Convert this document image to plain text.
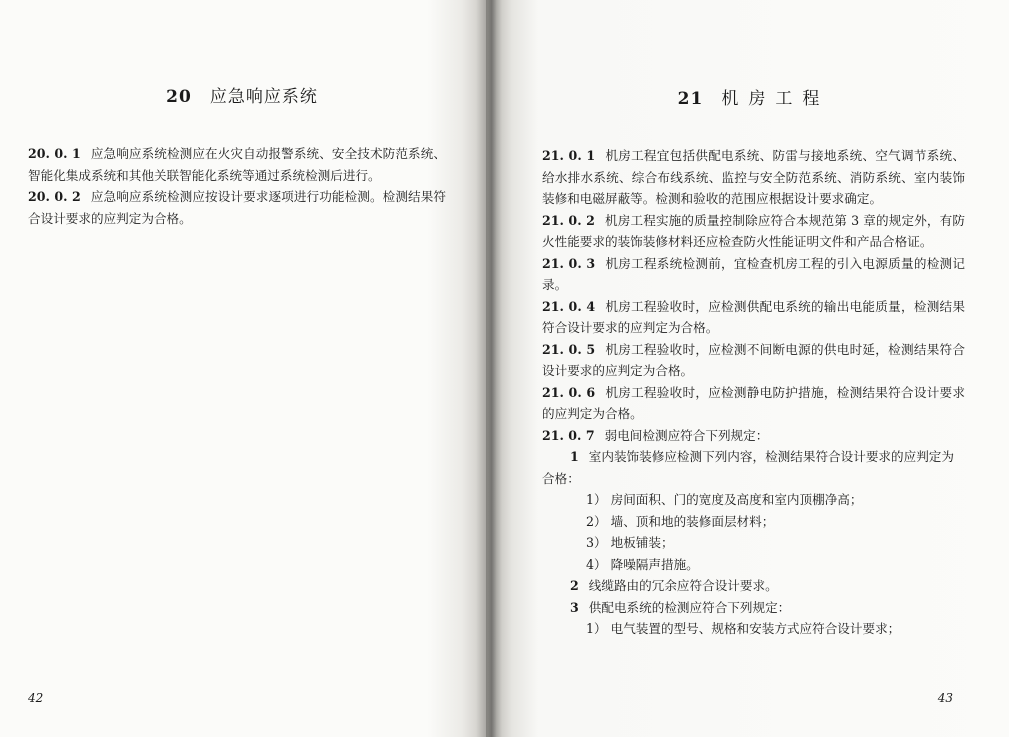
20 应急响应系统

20. 0. 1 应急响应系统检测应在火灾自动报警系统、安全技术防范系统、智能化集成系统和其他关联智能化系统等通过系统检测后进行。

20. 0. 2 应急响应系统检测应按设计要求逐项进行功能检测。检测结果符合设计要求的应判定为合格。

42
21 机房工程

21. 0. 1 机房工程宜包括供配电系统、防雷与接地系统、空气调节系统、给水排水系统、综合布线系统、监控与安全防范系统、消防系统、室内装饰装修和电磁屏蔽等。检测和验收的范围应根据设计要求确定。

21. 0. 2 机房工程实施的质量控制除应符合本规范第 3 章的规定外，有防火性能要求的装饰装修材料还应检查防火性能证明文件和产品合格证。

21. 0. 3 机房工程系统检测前，宜检查机房工程的引入电源质量的检测记录。

21. 0. 4 机房工程验收时，应检测供配电系统的输出电能质量，检测结果符合设计要求的应判定为合格。

21. 0. 5 机房工程验收时，应检测不间断电源的供电时延，检测结果符合设计要求的应判定为合格。

21. 0. 6 机房工程验收时，应检测静电防护措施，检测结果符合设计要求的应判定为合格。

21. 0. 7 弱电间检测应符合下列规定：

1 室内装饰装修应检测下列内容，检测结果符合设计要求的应判定为合格：

1） 房间面积、门的宽度及高度和室内顶棚净高；

2） 墙、顶和地的装修面层材料；

3） 地板铺装；

4） 降噪隔声措施。

2 线缆路由的冗余应符合设计要求。

3 供配电系统的检测应符合下列规定：

1） 电气装置的型号、规格和安装方式应符合设计要求；

43
